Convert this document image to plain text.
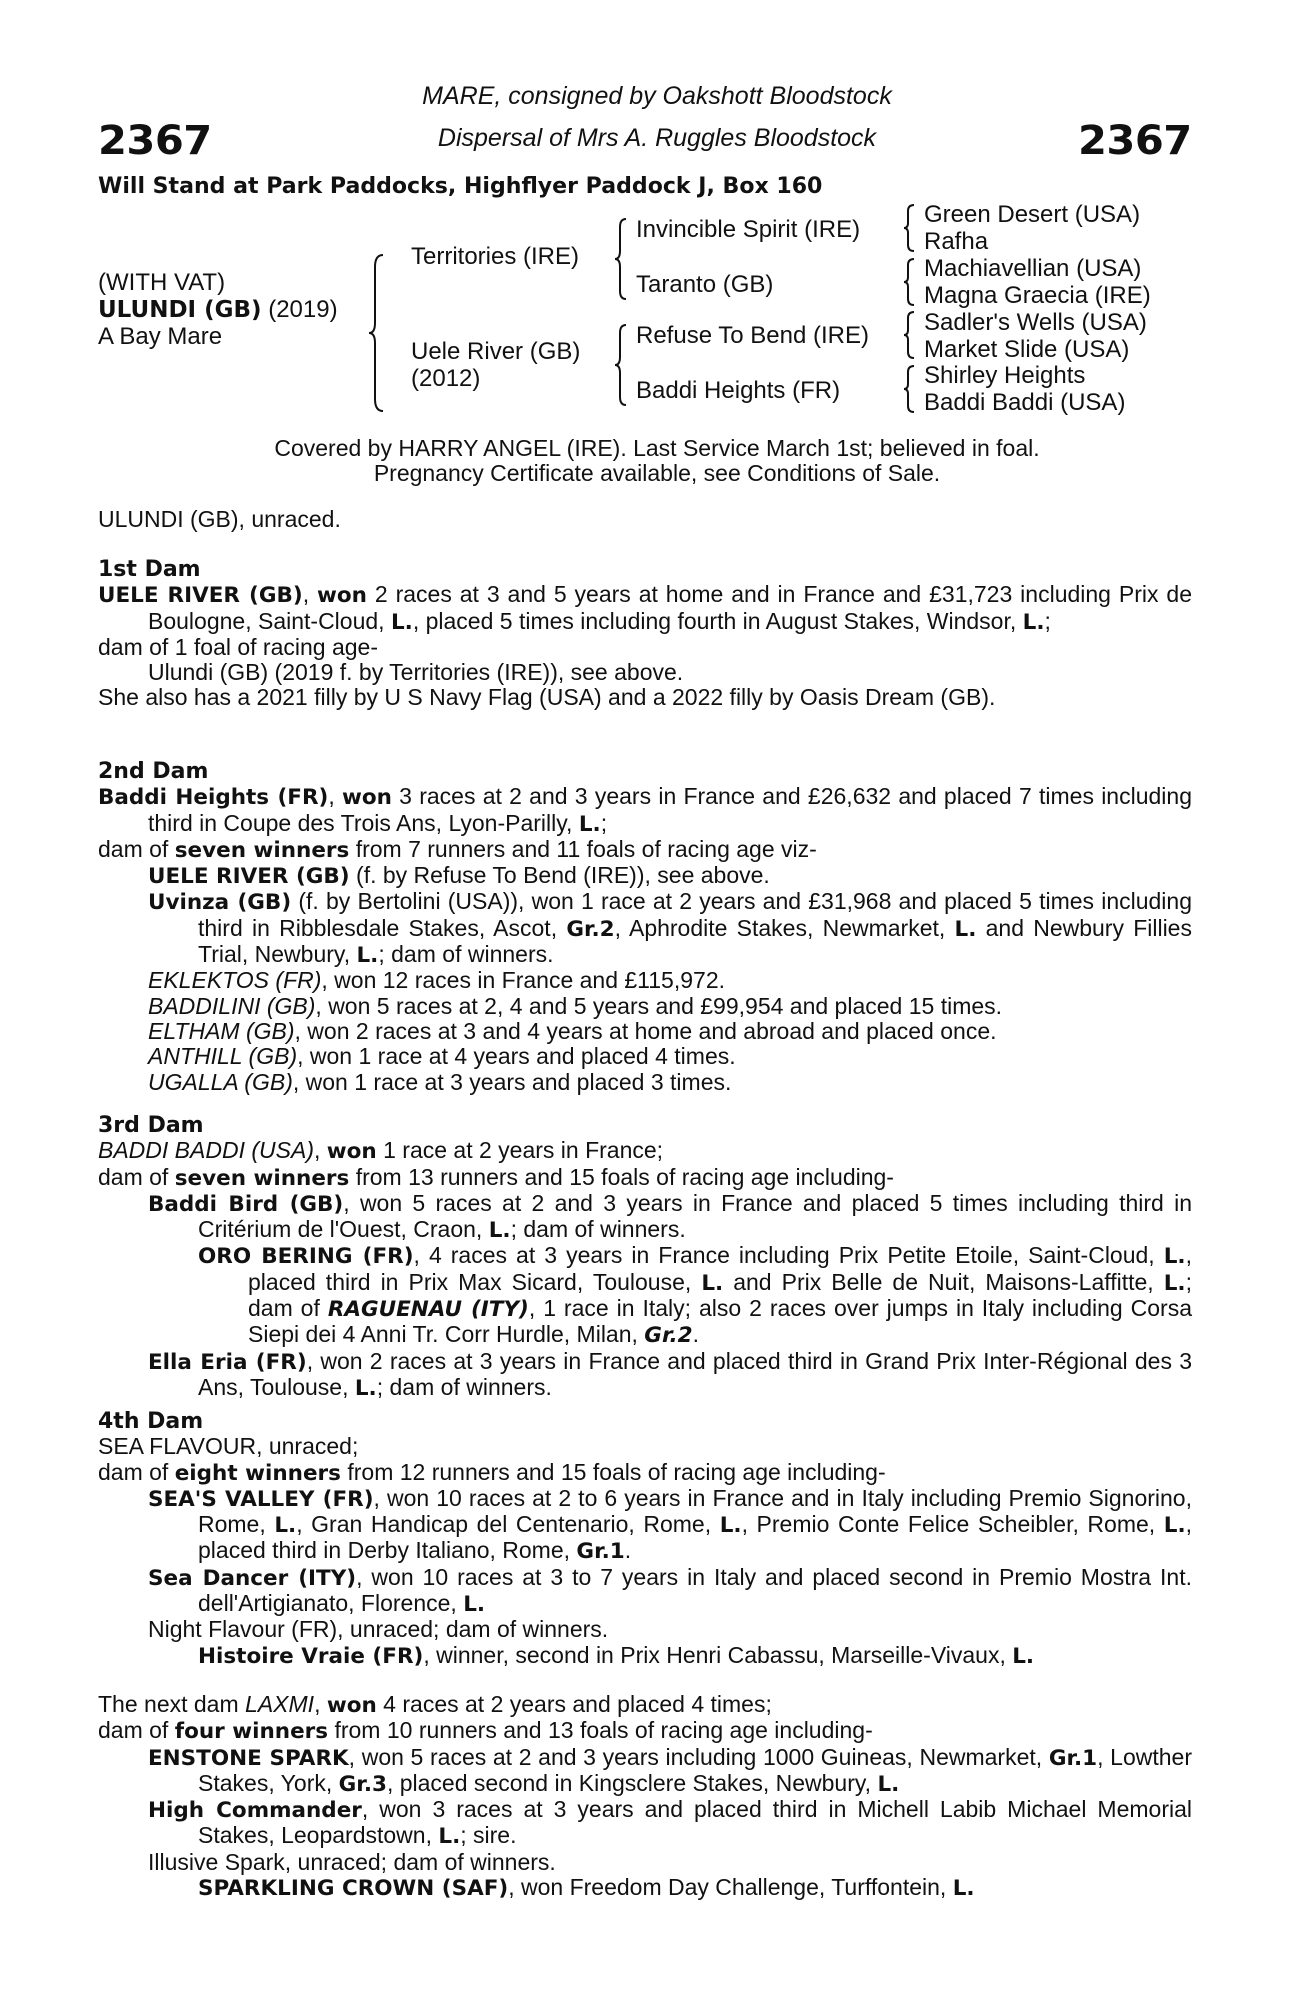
2367	2367
MARE, consigned by Oakshott Bloodstock
Dispersal of Mrs A. Ruggles Bloodstock
Will Stand at Park Paddocks, Highflyer Paddock J, Box 160
(WITH VAT)
ULUNDI (GB) (2019)
A Bay Mare
Territories (IRE)
Uele River (GB)
(2012)
Invincible Spirit (IRE)
Taranto (GB)
Refuse To Bend (IRE)
Baddi Heights (FR)
Green Desert (USA)
Rafha
Machiavellian (USA)
Magna Graecia (IRE)
Sadler's Wells (USA)
Market Slide (USA)
Shirley Heights
Baddi Baddi (USA)
Covered by HARRY ANGEL (IRE). Last Service March 1st; believed in foal.
Pregnancy Certificate available, see Conditions of Sale.
ULUNDI (GB), unraced.
1st Dam

UELE RIVER (GB), won 2 races at 3 and 5 years at home and in France and £31,723 including Prix de Boulogne, Saint-Cloud, L., placed 5 times including fourth in August Stakes, Windsor, L.;

dam of 1 foal of racing age-

Ulundi (GB) (2019 f. by Territories (IRE)), see above.

She also has a 2021 filly by U S Navy Flag (USA) and a 2022 filly by Oasis Dream (GB).

2nd Dam

Baddi Heights (FR), won 3 races at 2 and 3 years in France and £26,632 and placed 7 times including third in Coupe des Trois Ans, Lyon-Parilly, L.;

dam of seven winners from 7 runners and 11 foals of racing age viz-

UELE RIVER (GB) (f. by Refuse To Bend (IRE)), see above.

Uvinza (GB) (f. by Bertolini (USA)), won 1 race at 2 years and £31,968 and placed 5 times including third in Ribblesdale Stakes, Ascot, Gr.2, Aphrodite Stakes, Newmarket, L. and Newbury Fillies Trial, Newbury, L.; dam of winners.

EKLEKTOS (FR), won 12 races in France and £115,972.

BADDILINI (GB), won 5 races at 2, 4 and 5 years and £99,954 and placed 15 times.

ELTHAM (GB), won 2 races at 3 and 4 years at home and abroad and placed once.

ANTHILL (GB), won 1 race at 4 years and placed 4 times.

UGALLA (GB), won 1 race at 3 years and placed 3 times.

3rd Dam

BADDI BADDI (USA), won 1 race at 2 years in France;

dam of seven winners from 13 runners and 15 foals of racing age including-

Baddi Bird (GB), won 5 races at 2 and 3 years in France and placed 5 times including third in Critérium de l'Ouest, Craon, L.; dam of winners.

ORO BERING (FR), 4 races at 3 years in France including Prix Petite Etoile, Saint-Cloud, L., placed third in Prix Max Sicard, Toulouse, L. and Prix Belle de Nuit, Maisons-Laffitte, L.; dam of RAGUENAU (ITY), 1 race in Italy; also 2 races over jumps in Italy including Corsa Siepi dei 4 Anni Tr. Corr Hurdle, Milan, Gr.2.

Ella Eria (FR), won 2 races at 3 years in France and placed third in Grand Prix Inter-Régional des 3 Ans, Toulouse, L.; dam of winners.

4th Dam

SEA FLAVOUR, unraced;

dam of eight winners from 12 runners and 15 foals of racing age including-

SEA'S VALLEY (FR), won 10 races at 2 to 6 years in France and in Italy including Premio Signorino, Rome, L., Gran Handicap del Centenario, Rome, L., Premio Conte Felice Scheibler, Rome, L., placed third in Derby Italiano, Rome, Gr.1.

Sea Dancer (ITY), won 10 races at 3 to 7 years in Italy and placed second in Premio Mostra Int. dell'Artigianato, Florence, L.

Night Flavour (FR), unraced; dam of winners.

Histoire Vraie (FR), winner, second in Prix Henri Cabassu, Marseille-Vivaux, L.

The next dam LAXMI, won 4 races at 2 years and placed 4 times;

dam of four winners from 10 runners and 13 foals of racing age including-

ENSTONE SPARK, won 5 races at 2 and 3 years including 1000 Guineas, Newmarket, Gr.1, Lowther Stakes, York, Gr.3, placed second in Kingsclere Stakes, Newbury, L.

High Commander, won 3 races at 3 years and placed third in Michell Labib Michael Memorial Stakes, Leopardstown, L.; sire.

Illusive Spark, unraced; dam of winners.

SPARKLING CROWN (SAF), won Freedom Day Challenge, Turffontein, L.
